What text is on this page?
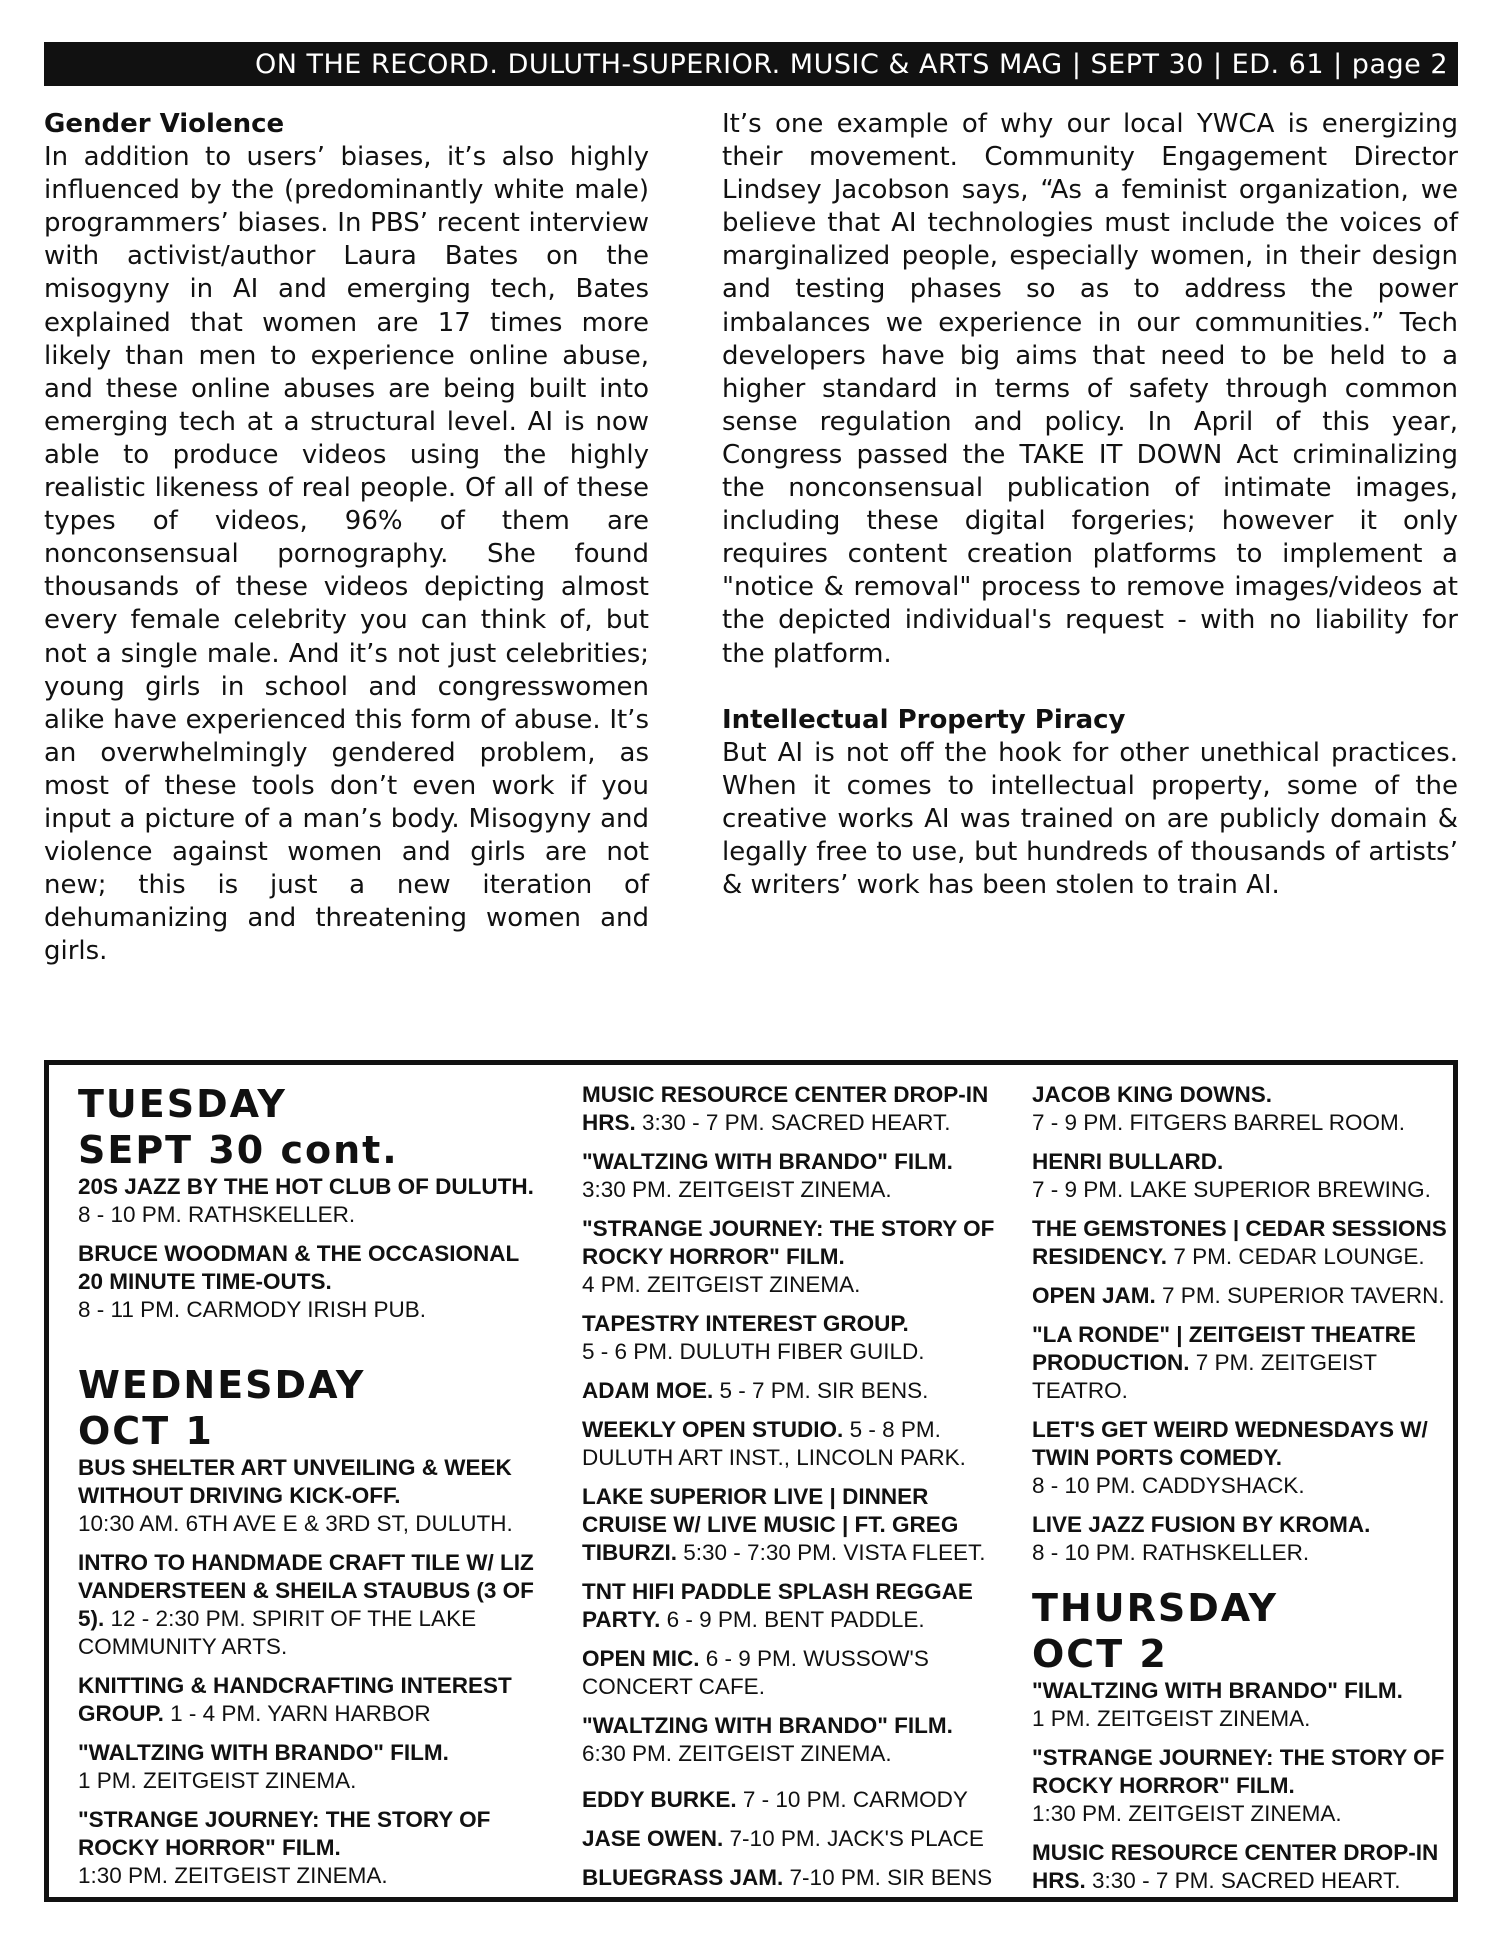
ON THE RECORD. DULUTH-SUPERIOR. MUSIC & ARTS MAG | SEPT 30 | ED. 61 | page 2
Gender Violence

In addition to users’ biases, it’s also highly influenced by the (predominantly white male) programmers’ biases. In PBS’ recent interview with activist/author Laura Bates on the misogyny in AI and emerging tech, Bates explained that women are 17 times more likely than men to experience online abuse, and these online abuses are being built into emerging tech at a structural level. AI is now able to produce videos using the highly realistic likeness of real people. Of all of these types of videos, 96% of them are nonconsensual pornography. She found thousands of these videos depicting almost every female celebrity you can think of, but not a single male. And it’s not just celebrities; young girls in school and congresswomen alike have experienced this form of abuse. It’s an overwhelmingly gendered problem, as most of these tools don’t even work if you input a picture of a man’s body. Misogyny and violence against women and girls are not new; this is just a new iteration of dehumanizing and threatening women and girls.

It’s one example of why our local YWCA is energizing their movement. Community Engagement Director Lindsey Jacobson says, “As a feminist organization, we believe that AI technologies must include the voices of marginalized people, especially women, in their design and testing phases so as to address the power imbalances we experience in our communities.” Tech developers have big aims that need to be held to a higher standard in terms of safety through common sense regulation and policy. In April of this year, Congress passed the TAKE IT DOWN Act criminalizing the nonconsensual publication of intimate images, including these digital forgeries; however it only requires content creation platforms to implement a "notice & removal" process to remove images/videos at the depicted individual's request - with no liability for the platform.

Intellectual Property Piracy

But AI is not off the hook for other unethical practices. When it comes to intellectual property, some of the creative works AI was trained on are publicly domain & legally free to use, but hundreds of thousands of artists’ & writers’ work has been stolen to train AI.

TUESDAY
SEPT 30 cont.
20S JAZZ BY THE HOT CLUB OF DULUTH. 8 - 10 PM. RATHSKELLER.
BRUCE WOODMAN & THE OCCASIONAL 20 MINUTE TIME-OUTS.
8 - 11 PM. CARMODY IRISH PUB.
WEDNESDAY
OCT 1
BUS SHELTER ART UNVEILING & WEEK WITHOUT DRIVING KICK-OFF.
10:30 AM. 6TH AVE E & 3RD ST, DULUTH.
INTRO TO HANDMADE CRAFT TILE W/ LIZ VANDERSTEEN & SHEILA STAUBUS (3 OF 5). 12 - 2:30 PM. SPIRIT OF THE LAKE COMMUNITY ARTS.
KNITTING & HANDCRAFTING INTEREST GROUP. 1 - 4 PM. YARN HARBOR
"WALTZING WITH BRANDO" FILM.
1 PM. ZEITGEIST ZINEMA.
"STRANGE JOURNEY: THE STORY OF ROCKY HORROR" FILM.
1:30 PM. ZEITGEIST ZINEMA.
MUSIC RESOURCE CENTER DROP-IN HRS. 3:30 - 7 PM. SACRED HEART.
"WALTZING WITH BRANDO" FILM.
3:30 PM. ZEITGEIST ZINEMA.
"STRANGE JOURNEY: THE STORY OF ROCKY HORROR" FILM.
4 PM. ZEITGEIST ZINEMA.
TAPESTRY INTEREST GROUP.
5 - 6 PM. DULUTH FIBER GUILD.
ADAM MOE. 5 - 7 PM. SIR BENS.
WEEKLY OPEN STUDIO. 5 - 8 PM. DULUTH ART INST., LINCOLN PARK.
LAKE SUPERIOR LIVE | DINNER CRUISE W/ LIVE MUSIC | FT. GREG TIBURZI. 5:30 - 7:30 PM. VISTA FLEET.
TNT HIFI PADDLE SPLASH REGGAE PARTY. 6 - 9 PM. BENT PADDLE.
OPEN MIC. 6 - 9 PM. WUSSOW'S CONCERT CAFE.
"WALTZING WITH BRANDO" FILM.
6:30 PM. ZEITGEIST ZINEMA.
EDDY BURKE. 7 - 10 PM. CARMODY
JASE OWEN. 7-10 PM. JACK'S PLACE
BLUEGRASS JAM. 7-10 PM. SIR BENS
JACOB KING DOWNS.
7 - 9 PM. FITGERS BARREL ROOM.
HENRI BULLARD.
7 - 9 PM. LAKE SUPERIOR BREWING.
THE GEMSTONES | CEDAR SESSIONS RESIDENCY. 7 PM. CEDAR LOUNGE.
OPEN JAM. 7 PM. SUPERIOR TAVERN.
"LA RONDE" | ZEITGEIST THEATRE PRODUCTION. 7 PM. ZEITGEIST TEATRO.
LET'S GET WEIRD WEDNESDAYS W/ TWIN PORTS COMEDY.
8 - 10 PM. CADDYSHACK.
LIVE JAZZ FUSION BY KROMA.
8 - 10 PM. RATHSKELLER.
THURSDAY
OCT 2
"WALTZING WITH BRANDO" FILM.
1 PM. ZEITGEIST ZINEMA.
"STRANGE JOURNEY: THE STORY OF ROCKY HORROR" FILM.
1:30 PM. ZEITGEIST ZINEMA.
MUSIC RESOURCE CENTER DROP-IN HRS. 3:30 - 7 PM. SACRED HEART.
